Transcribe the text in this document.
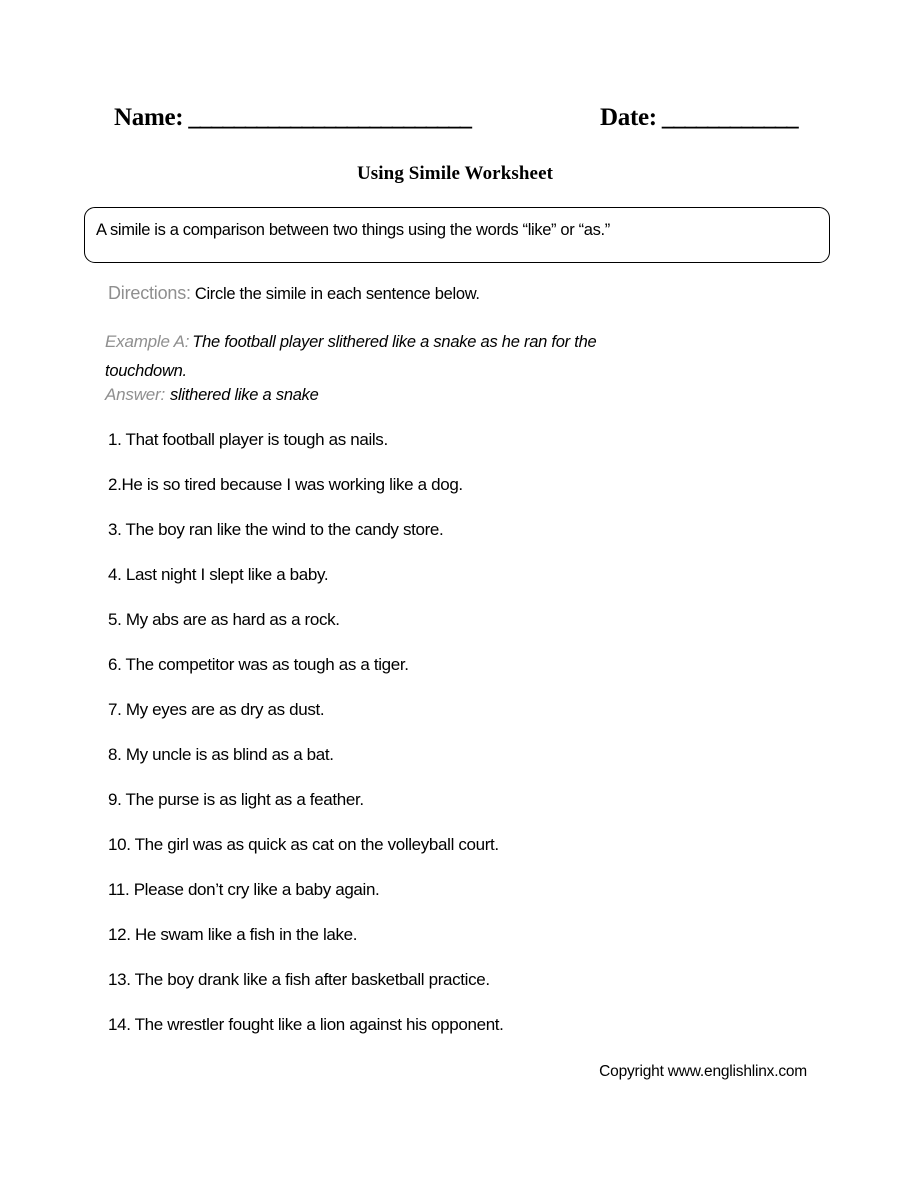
Name: _________________________	Date: ____________
Using Simile Worksheet
A simile is a comparison between two things using the words “like” or “as.”
Directions: Circle the simile in each sentence below.
Example A: The football player slithered like a snake as he ran for the
touchdown.
Answer: slithered like a snake
1. That football player is tough as nails.
2.He is so tired because I was working like a dog.
3. The boy ran like the wind to the candy store.
4. Last night I slept like a baby.
5. My abs are as hard as a rock.
6. The competitor was as tough as a tiger.
7. My eyes are as dry as dust.
8. My uncle is as blind as a bat.
9. The purse is as light as a feather.
10. The girl was as quick as cat on the volleyball court.
11. Please don’t cry like a baby again.
12. He swam like a fish in the lake.
13. The boy drank like a fish after basketball practice.
14. The wrestler fought like a lion against his opponent.
Copyright www.englishlinx.com
